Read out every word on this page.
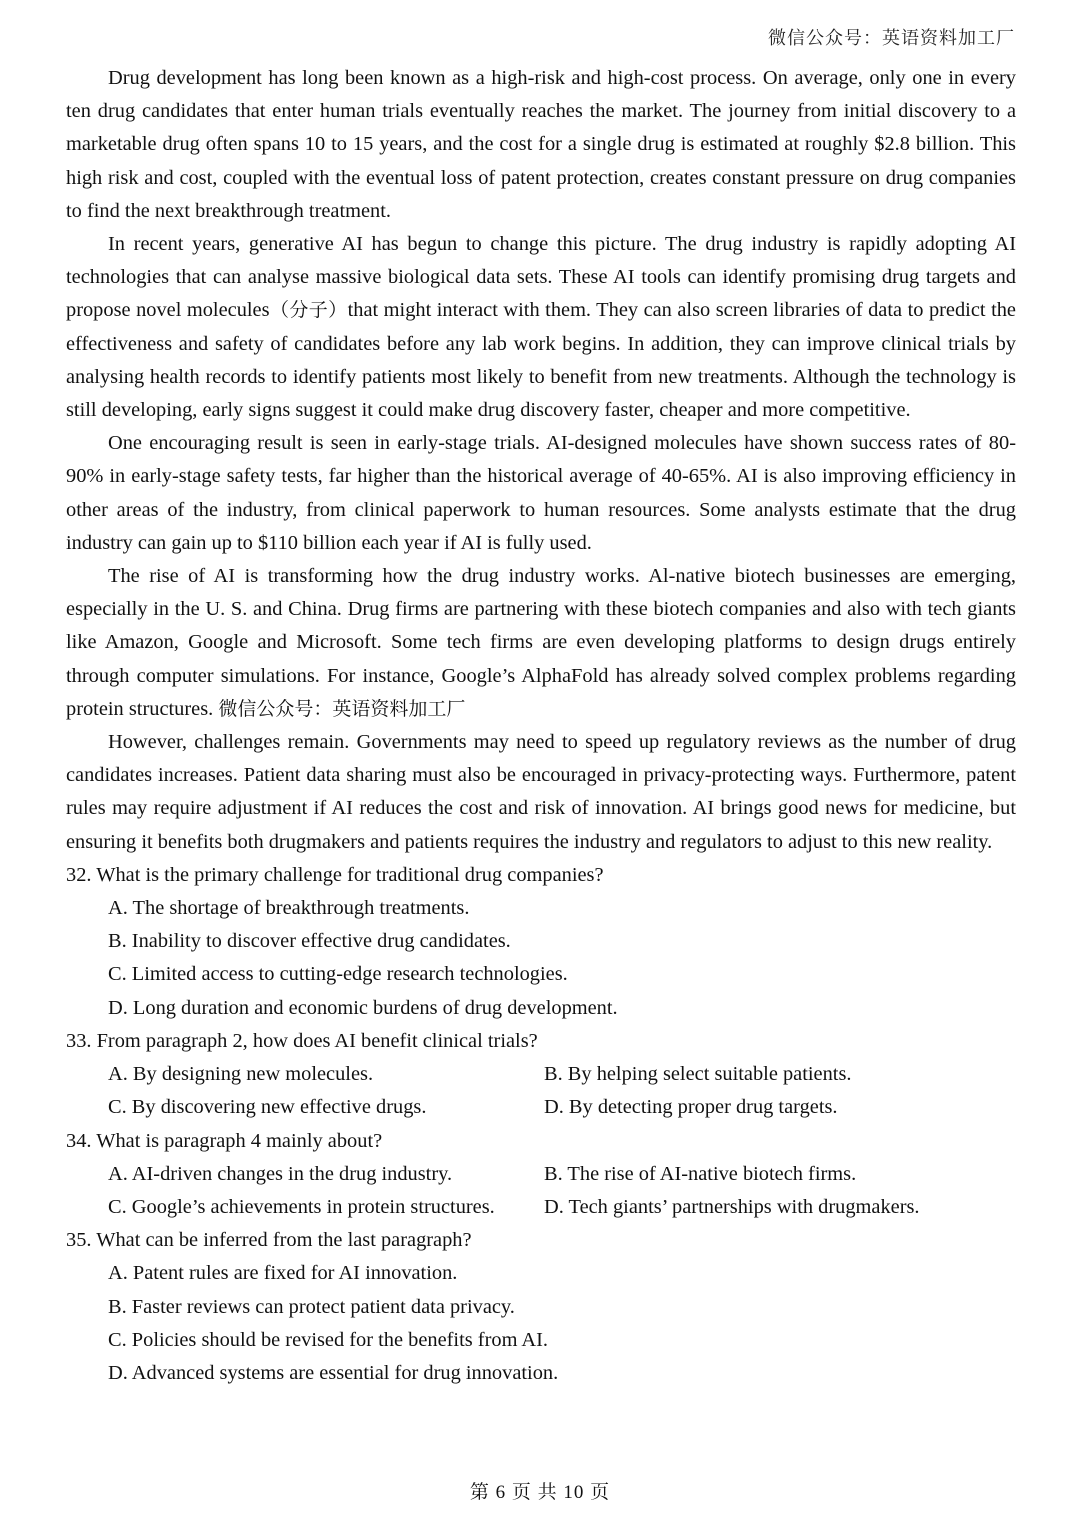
微信公众号：英语资料加工厂

Drug development has long been known as a high-risk and high-cost process. On average, only one in every ten drug candidates that enter human trials eventually reaches the market. The journey from initial discovery to a marketable drug often spans 10 to 15 years, and the cost for a single drug is estimated at roughly $2.8 billion. This high risk and cost, coupled with the eventual loss of patent protection, creates constant pressure on drug companies to find the next breakthrough treatment.

In recent years, generative AI has begun to change this picture. The drug industry is rapidly adopting AI technologies that can analyse massive biological data sets. These AI tools can identify promising drug targets and propose novel molecules（分子）that might interact with them. They can also screen libraries of data to predict the effectiveness and safety of candidates before any lab work begins. In addition, they can improve clinical trials by analysing health records to identify patients most likely to benefit from new treatments. Although the technology is still developing, early signs suggest it could make drug discovery faster, cheaper and more competitive.

One encouraging result is seen in early-stage trials. AI-designed molecules have shown success rates of 80-90% in early-stage safety tests, far higher than the historical average of 40-65%. AI is also improving efficiency in other areas of the industry, from clinical paperwork to human resources. Some analysts estimate that the drug industry can gain up to $110 billion each year if AI is fully used.

The rise of AI is transforming how the drug industry works. Al-native biotech businesses are emerging, especially in the U. S. and China. Drug firms are partnering with these biotech companies and also with tech giants like Amazon, Google and Microsoft. Some tech firms are even developing platforms to design drugs entirely through computer simulations. For instance, Google’s AlphaFold has already solved complex problems regarding protein structures. 微信公众号：英语资料加工厂

However, challenges remain. Governments may need to speed up regulatory reviews as the number of drug candidates increases. Patient data sharing must also be encouraged in privacy-protecting ways. Furthermore, patent rules may require adjustment if AI reduces the cost and risk of innovation. AI brings good news for medicine, but ensuring it benefits both drugmakers and patients requires the industry and regulators to adjust to this new reality.

32. What is the primary challenge for traditional drug companies?

A. The shortage of breakthrough treatments.

B. Inability to discover effective drug candidates.

C. Limited access to cutting-edge research technologies.

D. Long duration and economic burdens of drug development.

33. From paragraph 2, how does AI benefit clinical trials?

A. By designing new molecules.	B. By helping select suitable patients.
C. By discovering new effective drugs.	D. By detecting proper drug targets.

34. What is paragraph 4 mainly about?

A. AI-driven changes in the drug industry.	B. The rise of AI-native biotech firms.
C. Google’s achievements in protein structures.	D. Tech giants’ partnerships with drugmakers.

35. What can be inferred from the last paragraph?

A. Patent rules are fixed for AI innovation.

B. Faster reviews can protect patient data privacy.

C. Policies should be revised for the benefits from AI.

D. Advanced systems are essential for drug innovation.

第 6 页 共 10 页
